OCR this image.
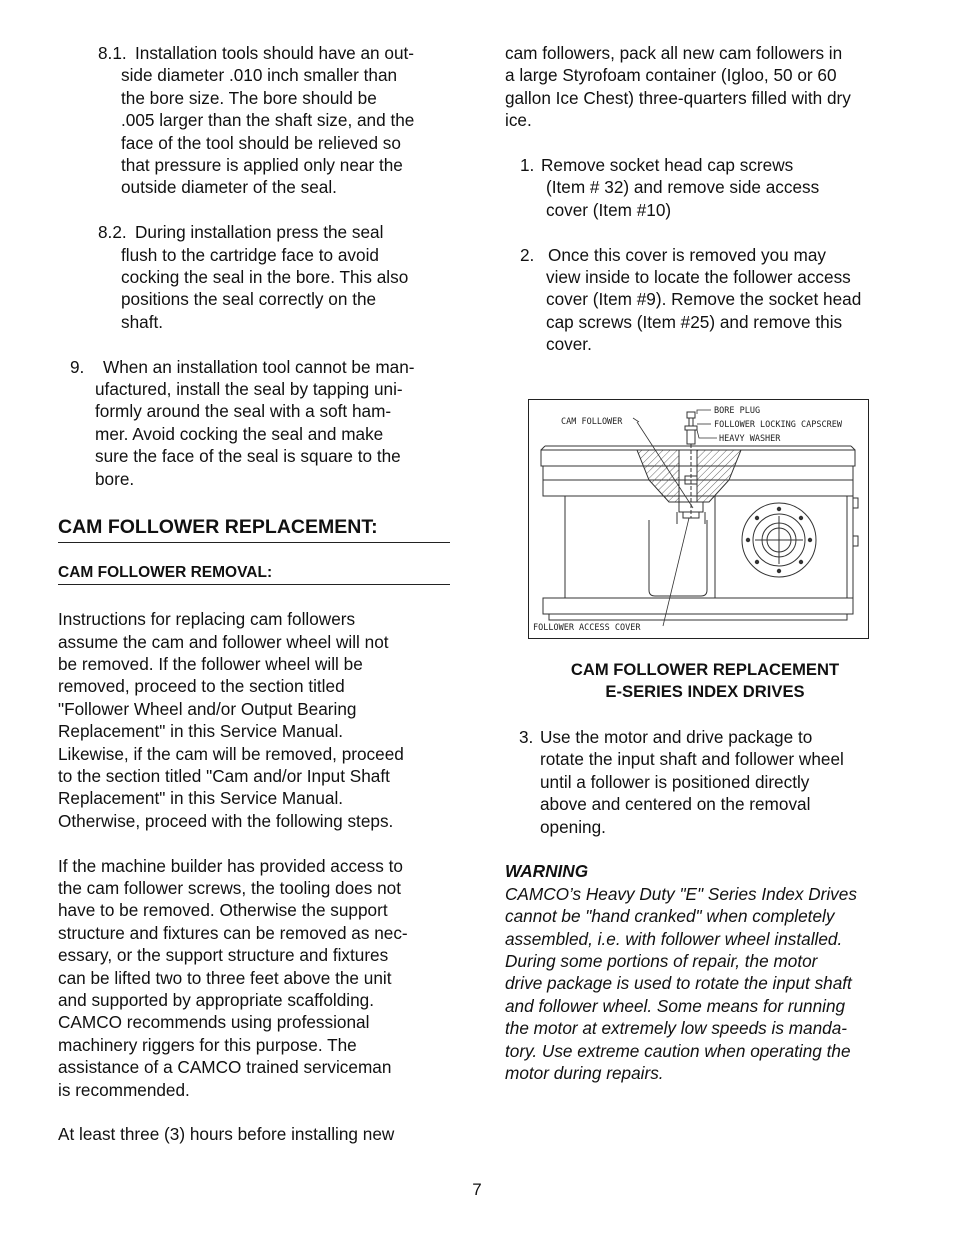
8.1. Installation tools should have an out-
side diameter .010 inch smaller than
the bore size. The bore should be
.005 larger than the shaft size, and the
face of the tool should be relieved so
that pressure is applied only near the
outside diameter of the seal.
8.2. During installation press the seal
flush to the cartridge face to avoid
cocking the seal in the bore. This also
positions the seal correctly on the
shaft.
9. When an installation tool cannot be man-
ufactured, install the seal by tapping uni-
formly around the seal with a soft ham-
mer. Avoid cocking the seal and make
sure the face of the seal is square to the
bore.
CAM FOLLOWER REPLACEMENT:
CAM FOLLOWER REMOVAL:
Instructions for replacing cam followers
assume the cam and follower wheel will not
be removed. If the follower wheel will be
removed, proceed to the section titled
"Follower Wheel and/or Output Bearing
Replacement" in this Service Manual.
Likewise, if the cam will be removed, proceed
to the section titled "Cam and/or Input Shaft
Replacement" in this Service Manual.
Otherwise, proceed with the following steps.
If the machine builder has provided access to
the cam follower screws, the tooling does not
have to be removed. Otherwise the support
structure and fixtures can be removed as nec-
essary, or the support structure and fixtures
can be lifted two to three feet above the unit
and supported by appropriate scaffolding.
CAMCO recommends using professional
machinery riggers for this purpose. The
assistance of a CAMCO trained serviceman
is recommended.
At least three (3) hours before installing new
cam followers, pack all new cam followers in
a large Styrofoam container (Igloo, 50 or 60
gallon Ice Chest) three-quarters filled with dry
ice.
1. Remove socket head cap screws
(Item # 32) and remove side access
cover (Item #10)
2. Once this cover is removed you may
view inside to locate the follower access
cover (Item #9). Remove the socket head
cap screws (Item #25) and remove this
cover.
BORE PLUG
FOLLOWER LOCKING CAPSCREW
HEAVY WASHER
CAM FOLLOWER
FOLLOWER ACCESS COVER
CAM FOLLOWER REPLACEMENT
E-SERIES INDEX DRIVES
3. Use the motor and drive package to
rotate the input shaft and follower wheel
until a follower is positioned directly
above and centered on the removal
opening.
WARNING
CAMCO’s Heavy Duty "E" Series Index Drives
cannot be "hand cranked" when completely
assembled, i.e. with follower wheel installed.
During some portions of repair, the motor
drive package is used to rotate the input shaft
and follower wheel. Some means for running
the motor at extremely low speeds is manda-
tory. Use extreme caution when operating the
motor during repairs.
7
